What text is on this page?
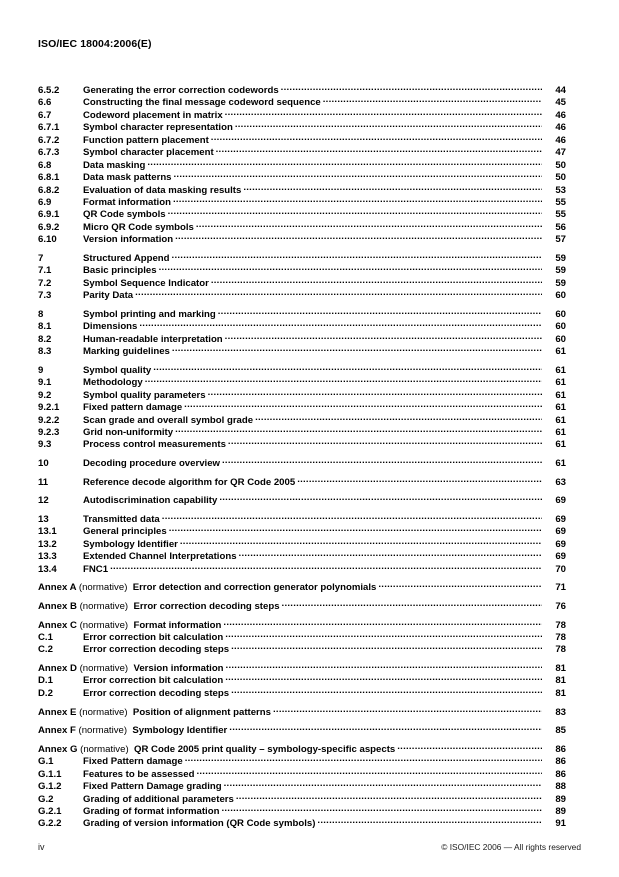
ISO/IEC 18004:2006(E)
6.5.2	Generating the error correction codewords .....	44
6.6	Constructing the final message codeword sequence .....	45
6.7	Codeword placement in matrix .....	46
6.7.1	Symbol character representation .....	46
6.7.2	Function pattern placement .....	46
6.7.3	Symbol character placement .....	47
6.8	Data masking .....	50
6.8.1	Data mask patterns .....	50
6.8.2	Evaluation of data masking results .....	53
6.9	Format information .....	55
6.9.1	QR Code symbols .....	55
6.9.2	Micro QR Code symbols .....	56
6.10	Version information .....	57
7	Structured Append .....	59
7.1	Basic principles .....	59
7.2	Symbol Sequence Indicator .....	59
7.3	Parity Data .....	60
8	Symbol printing and marking .....	60
8.1	Dimensions .....	60
8.2	Human-readable interpretation .....	60
8.3	Marking guidelines .....	61
9	Symbol quality .....	61
9.1	Methodology .....	61
9.2	Symbol quality parameters .....	61
9.2.1	Fixed pattern damage .....	61
9.2.2	Scan grade and overall symbol grade .....	61
9.2.3	Grid non-uniformity .....	61
9.3	Process control measurements .....	61
10	Decoding procedure overview .....	61
11	Reference decode algorithm for QR Code 2005 .....	63
12	Autodiscrimination capability .....	69
13	Transmitted data .....	69
13.1	General principles .....	69
13.2	Symbology Identifier .....	69
13.3	Extended Channel Interpretations .....	69
13.4	FNC1 .....	70
Annex A (normative) Error detection and correction generator polynomials .....	71
Annex B (normative) Error correction decoding steps .....	76
Annex C (normative) Format information .....	78
C.1	Error correction bit calculation .....	78
C.2	Error correction decoding steps .....	78
Annex D (normative) Version information .....	81
D.1	Error correction bit calculation .....	81
D.2	Error correction decoding steps .....	81
Annex E (normative) Position of alignment patterns .....	83
Annex F (normative) Symbology Identifier .....	85
Annex G (normative) QR Code 2005 print quality – symbology-specific aspects .....	86
G.1	Fixed Pattern damage .....	86
G.1.1	Features to be assessed .....	86
G.1.2	Fixed Pattern Damage grading .....	88
G.2	Grading of additional parameters .....	89
G.2.1	Grading of format information .....	89
G.2.2	Grading of version information (QR Code symbols) .....	91
iv	© ISO/IEC 2006 — All rights reserved
